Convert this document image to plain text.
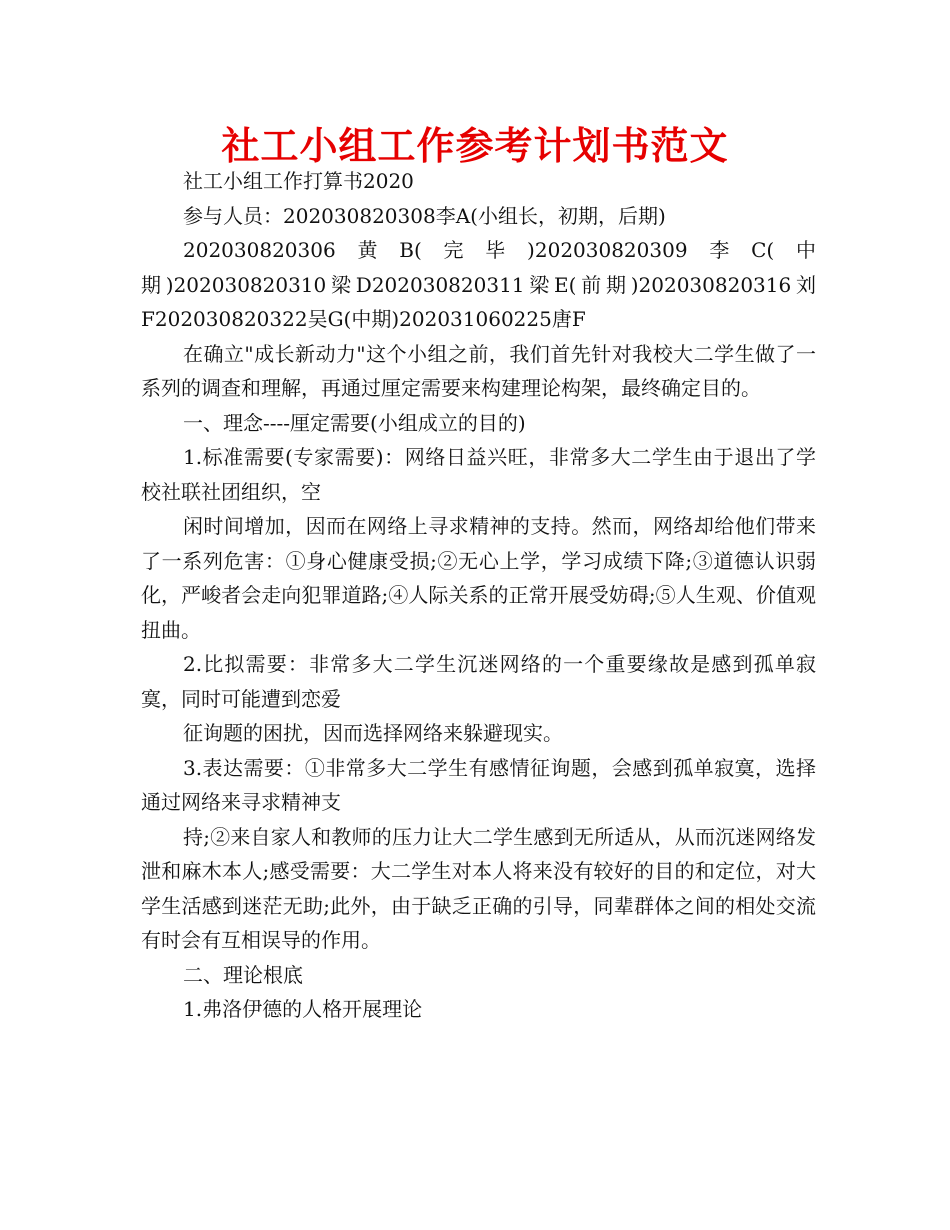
社工小组工作参考计划书范文

社工小组工作打算书2020

参与人员：202030820308李A(小组长，初期，后期)

202030820306黄B(完毕)202030820309李C(中期)202030820310梁D202030820311梁E(前期)202030820316刘F202030820322吴G(中期)202031060225唐F

在确立"成长新动力"这个小组之前，我们首先针对我校大二学生做了一系列的调查和理解，再通过厘定需要来构建理论构架，最终确定目的。

一、理念----厘定需要(小组成立的目的)

1.标准需要(专家需要)：网络日益兴旺，非常多大二学生由于退出了学校社联社团组织，空

闲时间增加，因而在网络上寻求精神的支持。然而，网络却给他们带来了一系列危害：①身心健康受损;②无心上学，学习成绩下降;③道德认识弱化，严峻者会走向犯罪道路;④人际关系的正常开展受妨碍;⑤人生观、价值观扭曲。

2.比拟需要：非常多大二学生沉迷网络的一个重要缘故是感到孤单寂寞，同时可能遭到恋爱

征询题的困扰，因而选择网络来躲避现实。

3.表达需要：①非常多大二学生有感情征询题，会感到孤单寂寞，选择通过网络来寻求精神支

持;②来自家人和教师的压力让大二学生感到无所适从，从而沉迷网络发泄和麻木本人;感受需要：大二学生对本人将来没有较好的目的和定位，对大学生活感到迷茫无助;此外，由于缺乏正确的引导，同辈群体之间的相处交流有时会有互相误导的作用。

二、理论根底

1.弗洛伊德的人格开展理论
